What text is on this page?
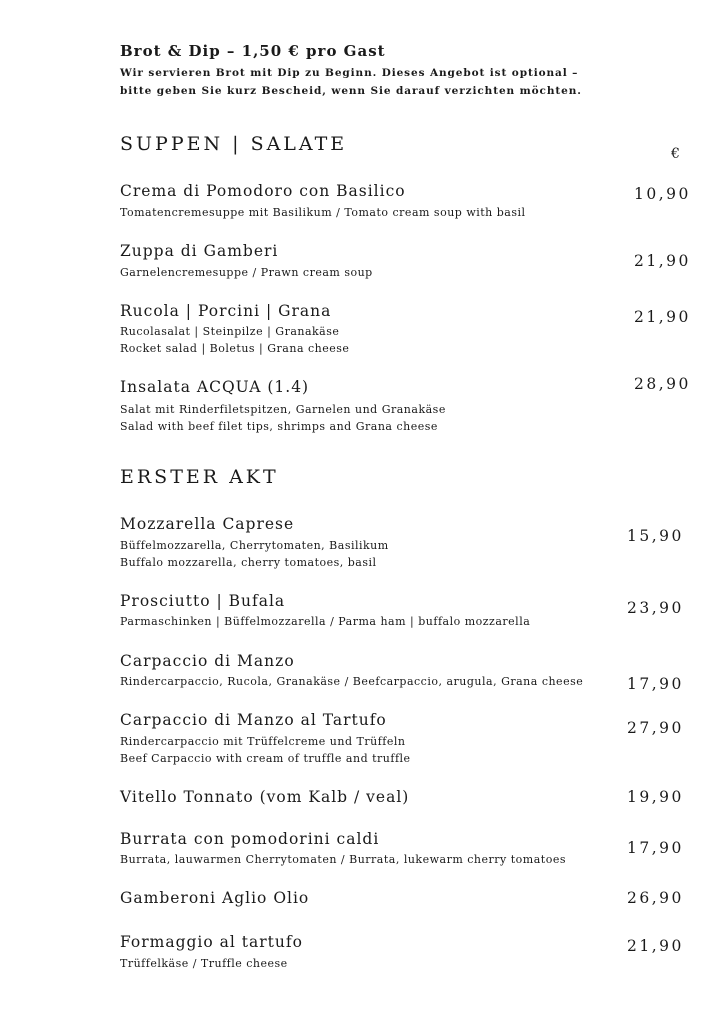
Brot & Dip – 1,50 € pro Gast
Wir servieren Brot mit Dip zu Beginn. Dieses Angebot ist optional –
bitte geben Sie kurz Bescheid, wenn Sie darauf verzichten möchten.
SUPPEN | SALATE	€
Crema di Pomodoro con Basilico
Tomatencremesuppe mit Basilikum / Tomato cream soup with basil
10,90
Zuppa di Gamberi
Garnelencremesuppe / Prawn cream soup
21,90
Rucola | Porcini | Grana
Rucolasalat | Steinpilze | Granakäse
Rocket salad | Boletus | Grana cheese
21,90
Insalata ACQUA (1.4)
Salat mit Rinderfiletspitzen, Garnelen und Granakäse
Salad with beef filet tips, shrimps and Grana cheese
28,90
ERSTER AKT
Mozzarella Caprese
Büffelmozzarella, Cherrytomaten, Basilikum
Buffalo mozzarella, cherry tomatoes, basil
15,90
Prosciutto | Bufala
Parmaschinken | Büffelmozzarella / Parma ham | buffalo mozzarella
23,90
Carpaccio di Manzo
Rindercarpaccio, Rucola, Granakäse / Beefcarpaccio, arugula, Grana cheese	17,90
Carpaccio di Manzo al Tartufo
Rindercarpaccio mit Trüffelcreme und Trüffeln
Beef Carpaccio with cream of truffle and truffle
27,90
Vitello Tonnato (vom Kalb / veal)	19,90
Burrata con pomodorini caldi
Burrata, lauwarmen Cherrytomaten / Burrata, lukewarm cherry tomatoes
17,90
Gamberoni Aglio Olio	26,90
Formaggio al tartufo
Trüffelkäse / Truffle cheese
21,90
